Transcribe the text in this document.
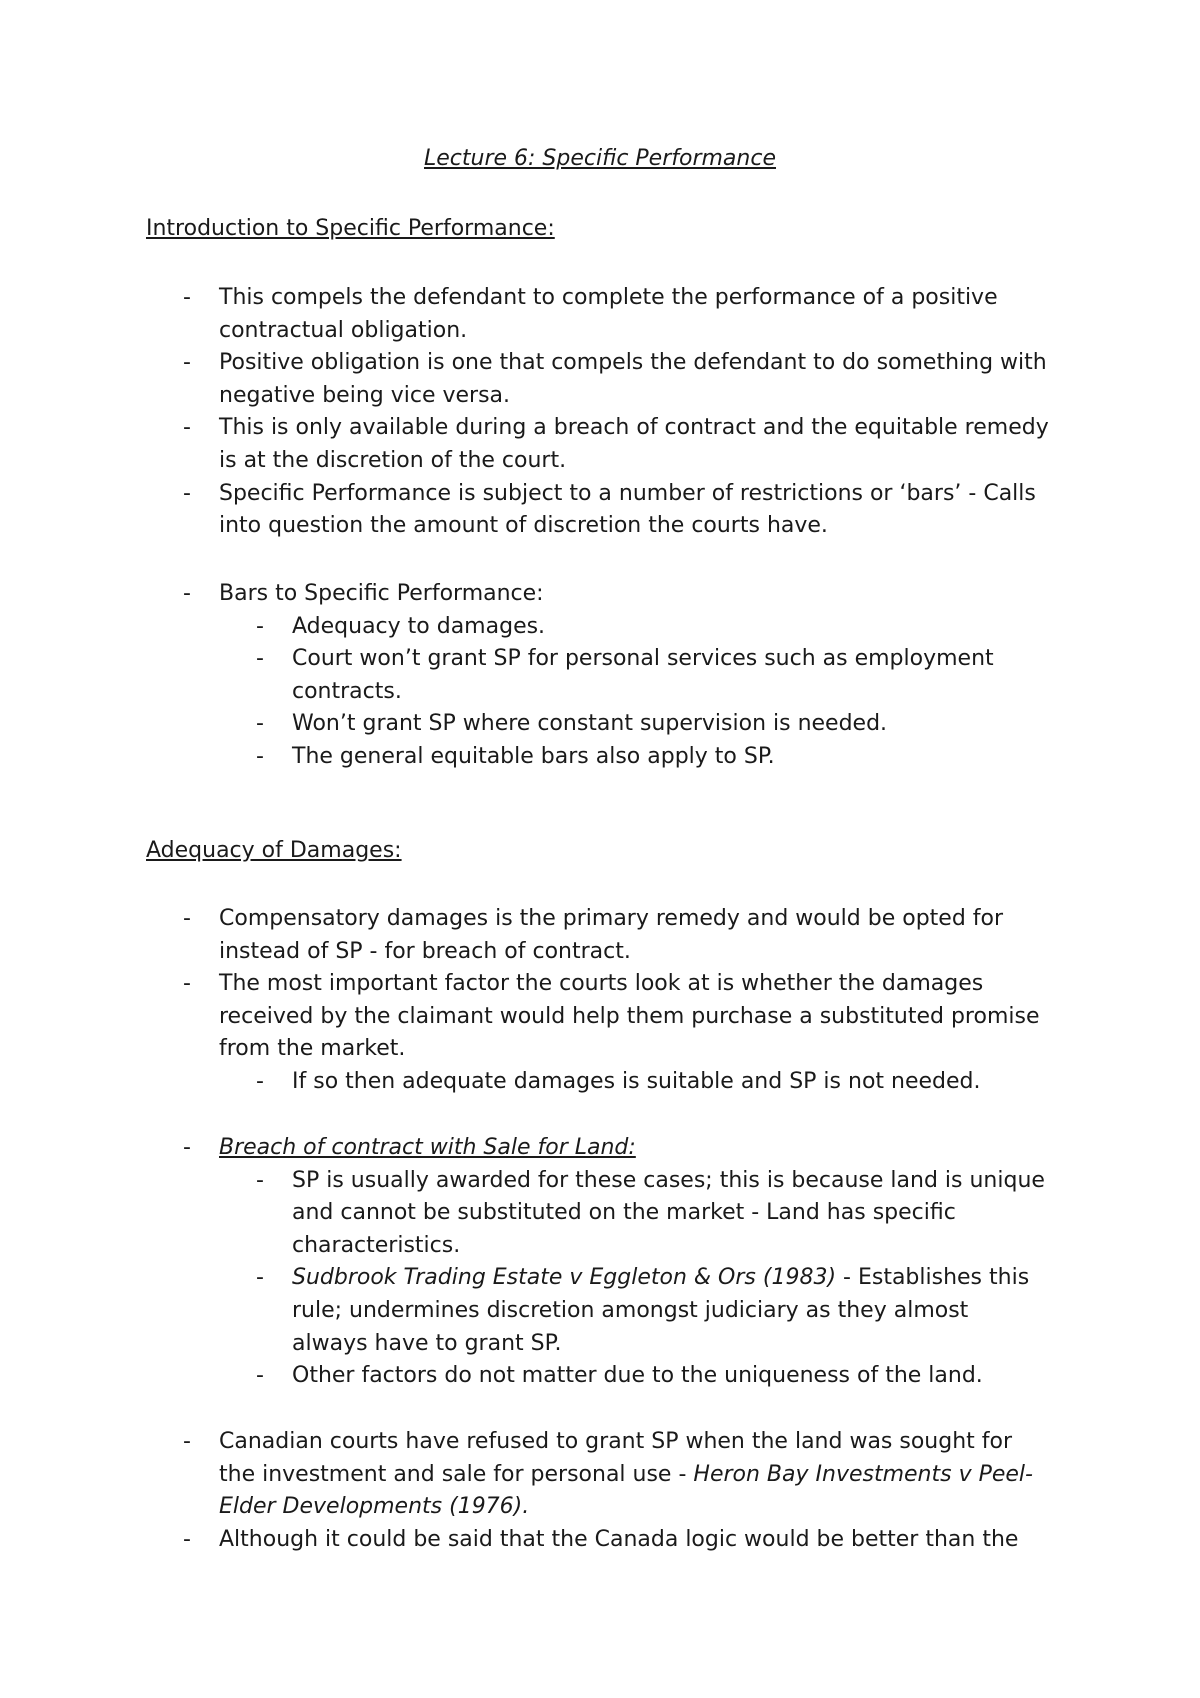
Lecture 6: Specific Performance
Introduction to Specific Performance:
- This compels the defendant to complete the performance of a positive contractual obligation.
- Positive obligation is one that compels the defendant to do something with negative being vice versa.
- This is only available during a breach of contract and the equitable remedy is at the discretion of the court.
- Specific Performance is subject to a number of restrictions or ‘bars’ - Calls into question the amount of discretion the courts have.
- Bars to Specific Performance:
- Adequacy to damages.
- Court won’t grant SP for personal services such as employment contracts.
- Won’t grant SP where constant supervision is needed.
- The general equitable bars also apply to SP.
Adequacy of Damages:
- Compensatory damages is the primary remedy and would be opted for instead of SP - for breach of contract.
- The most important factor the courts look at is whether the damages received by the claimant would help them purchase a substituted promise from the market.
- If so then adequate damages is suitable and SP is not needed.
- Breach of contract with Sale for Land:
- SP is usually awarded for these cases; this is because land is unique and cannot be substituted on the market - Land has specific characteristics.
- Sudbrook Trading Estate v Eggleton & Ors (1983) - Establishes this rule; undermines discretion amongst judiciary as they almost always have to grant SP.
- Other factors do not matter due to the uniqueness of the land.
- Canadian courts have refused to grant SP when the land was sought for the investment and sale for personal use - Heron Bay Investments v Peel-Elder Developments (1976).
- Although it could be said that the Canada logic would be better than the
